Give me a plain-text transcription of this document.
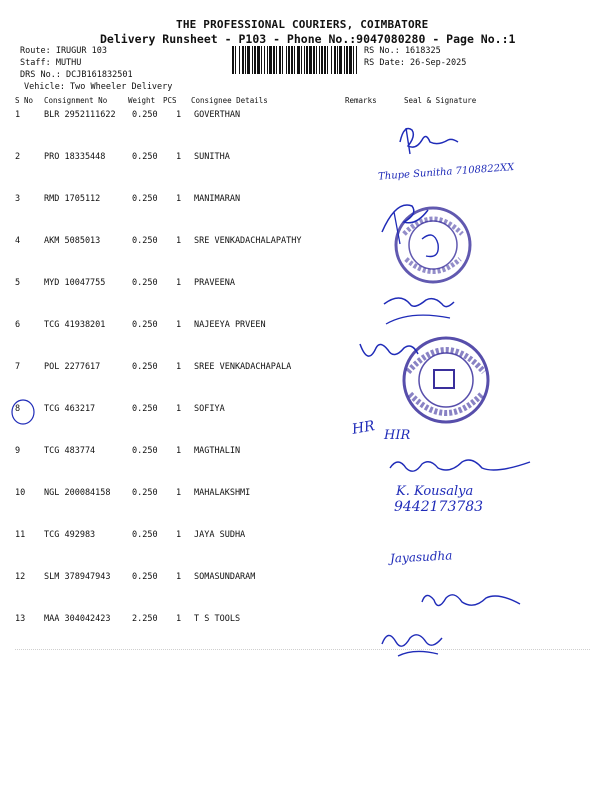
THE PROFESSIONAL COURIERS, COIMBATORE
Delivery Runsheet - P103 - Phone No.:9047080280 - Page No.:1
Route: IRUGUR 103
Staff: MUTHU
DRS No.: DCJB161832501
Vehicle: Two Wheeler Delivery
RS No.: 1618325
RS Date: 26-Sep-2025
S No Consignment No	Weight PCS Consignee Details	Remarks	Seal & Signature
1	BLR 2952111622 0.250 1 GOVERTHAN
2	PRO 18335448	0.250 1 SUNITHA
3	RMD 1705112	0.250 1 MANIMARAN
4	AKM 5085013	0.250 1 SRE VENKADACHALAPATHY
5	MYD 10047755	0.250 1 PRAVEENA
6	TCG 41938201	0.250 1 NAJEEYA PRVEEN
7	POL 2277617	0.250 1 SREE VENKADACHAPALA
8	TCG 463217	0.250 1 SOFIYA
9	TCG 483774	0.250 1 MAGTHALIN
10 NGL 200084158	0.250 1 MAHALAKSHMI
11 TCG 492983	0.250 1 JAYA SUDHA
12 SLM 378947943	0.250 1 SOMASUNDARAM
13 MAA 304042423	2.250 1 T S TOOLS
Thupe Sunitha 7108822XX
HR HIR
K. Kousalya
9442173783
Jayasudha
